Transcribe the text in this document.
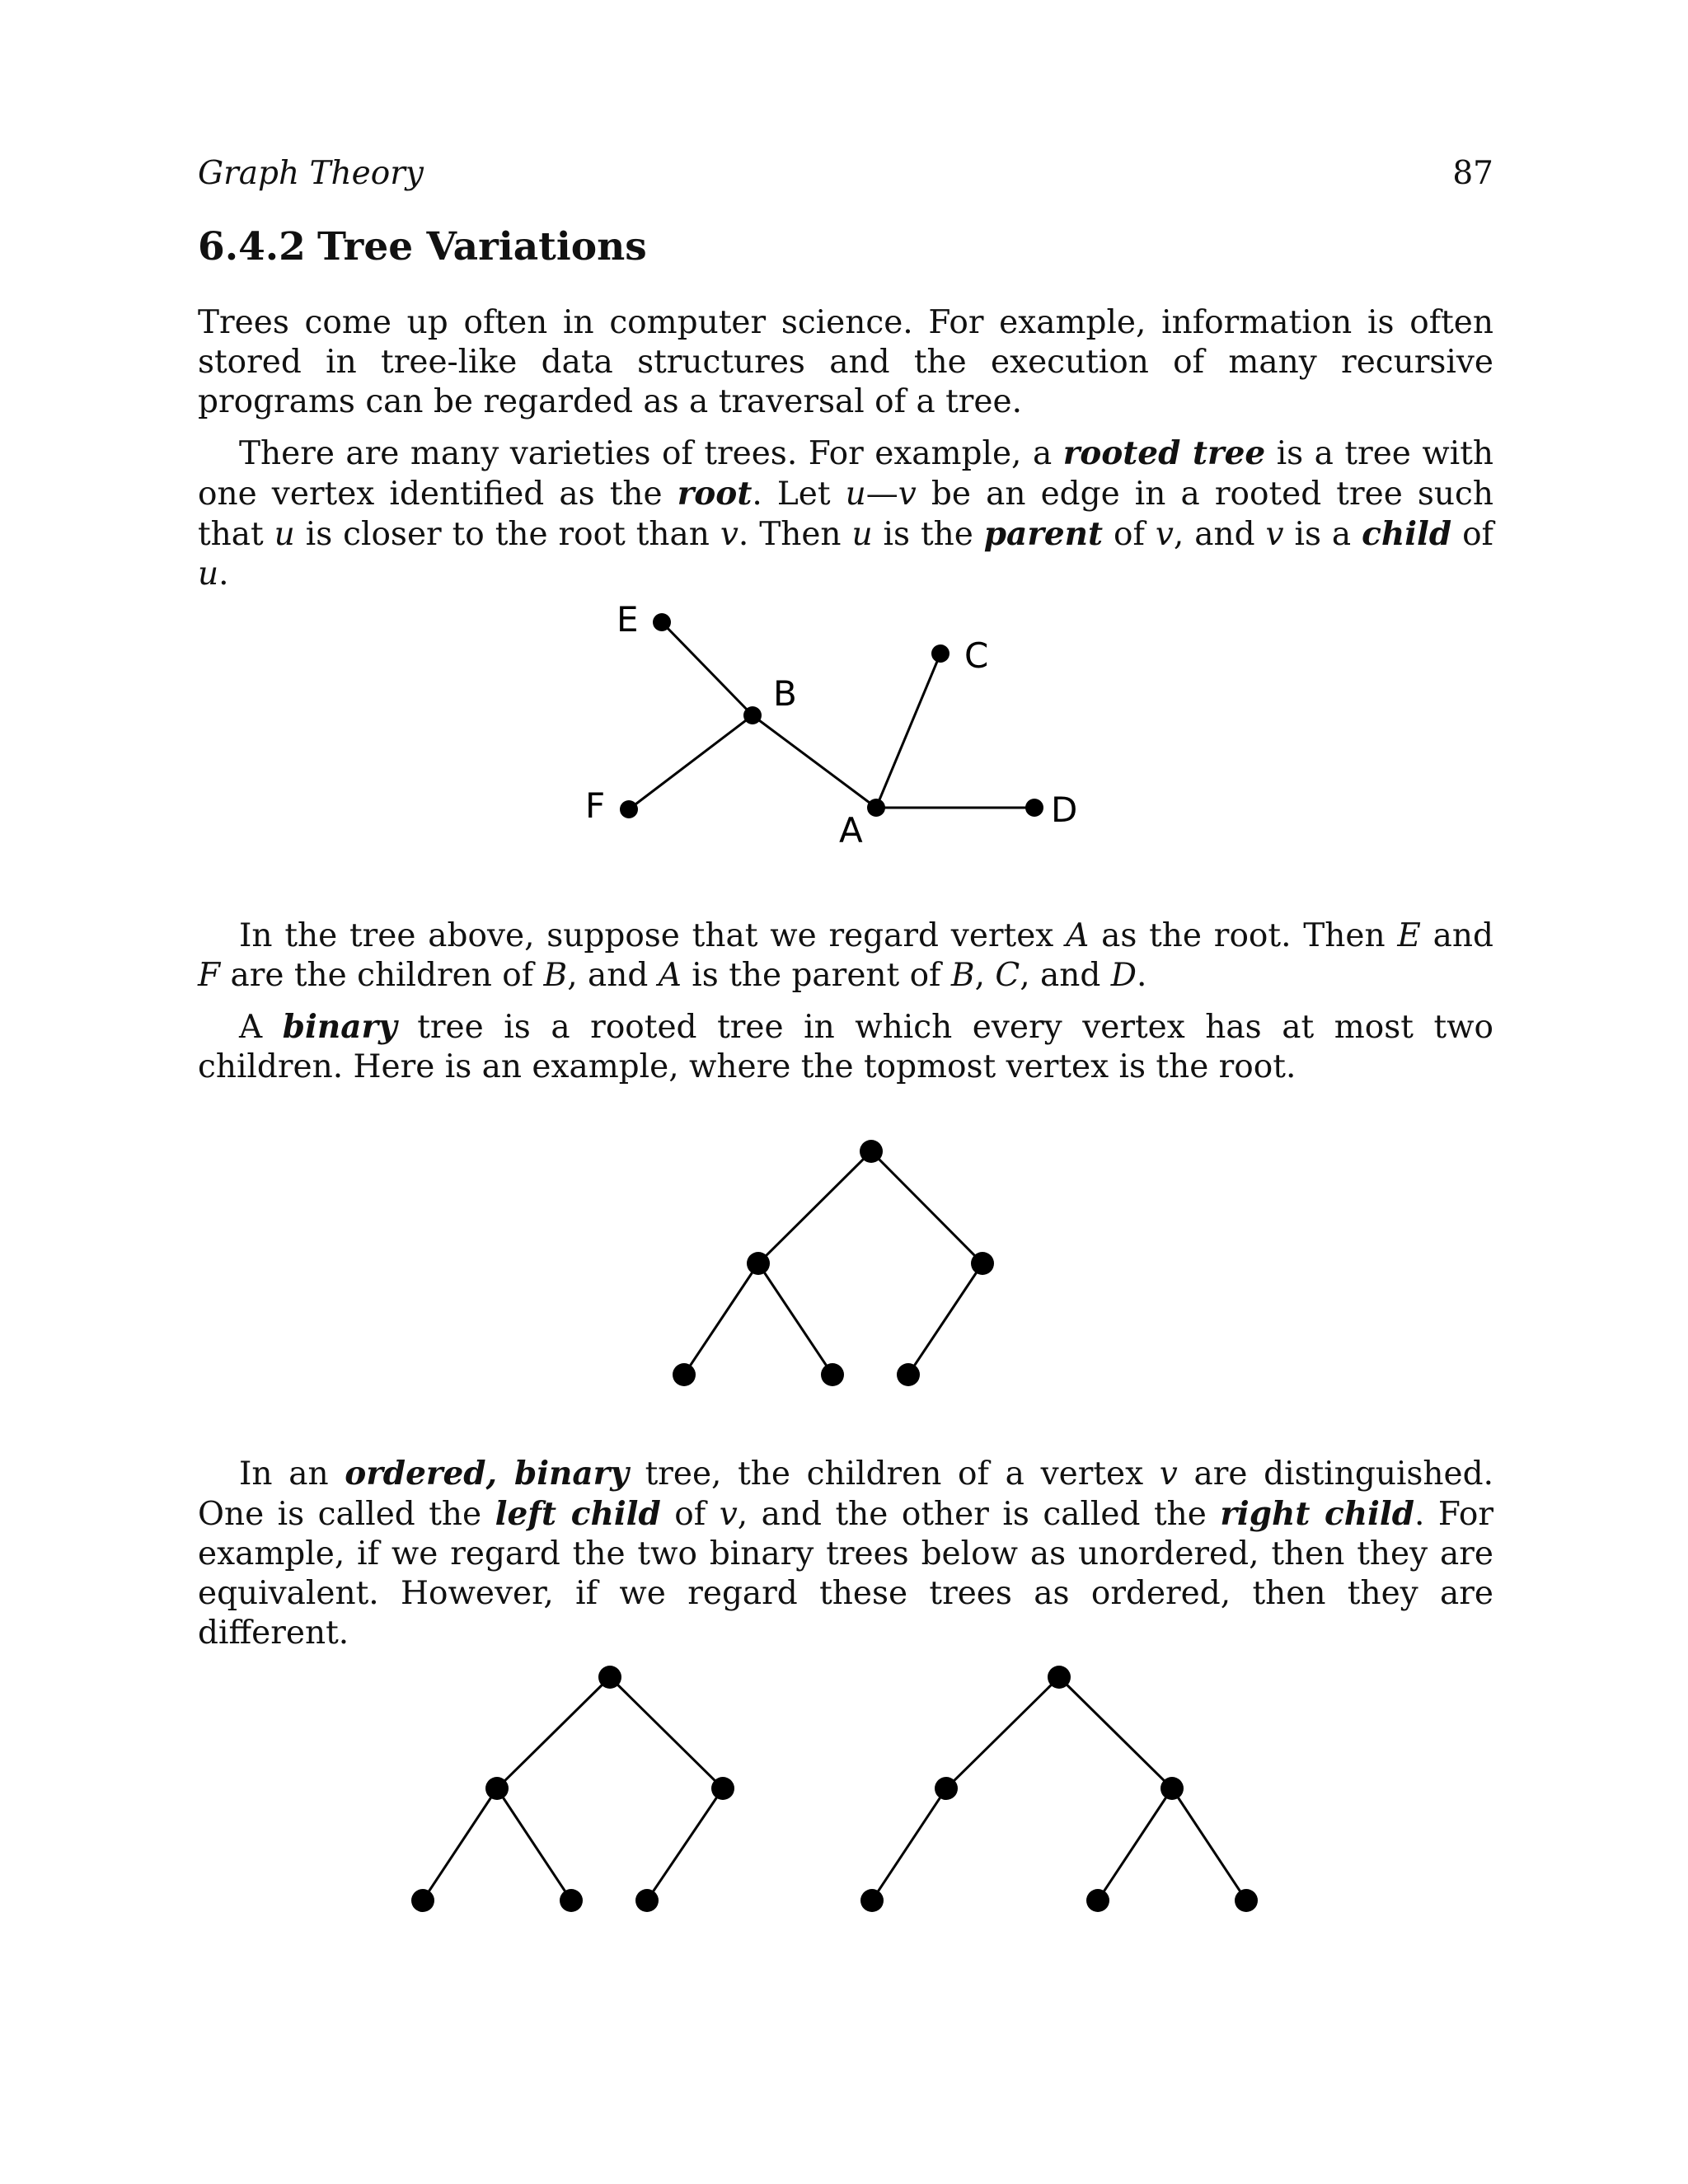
Graph Theory	87
6.4.2 Tree Variations
Trees come up often in computer science. For example, information is often stored in tree-like data structures and the execution of many recursive programs can be regarded as a traversal of a tree.
There are many varieties of trees. For example, a rooted tree is a tree with one vertex identified as the root. Let u—v be an edge in a rooted tree such that u is closer to the root than v. Then u is the parent of v, and v is a child of u.
E
B
C
F
A
D
In the tree above, suppose that we regard vertex A as the root. Then E and F are the children of B, and A is the parent of B, C, and D.
A binary tree is a rooted tree in which every vertex has at most two children. Here is an example, where the topmost vertex is the root.
In an ordered, binary tree, the children of a vertex v are distinguished. One is called the left child of v, and the other is called the right child. For example, if we regard the two binary trees below as unordered, then they are equivalent. However, if we regard these trees as ordered, then they are different.
